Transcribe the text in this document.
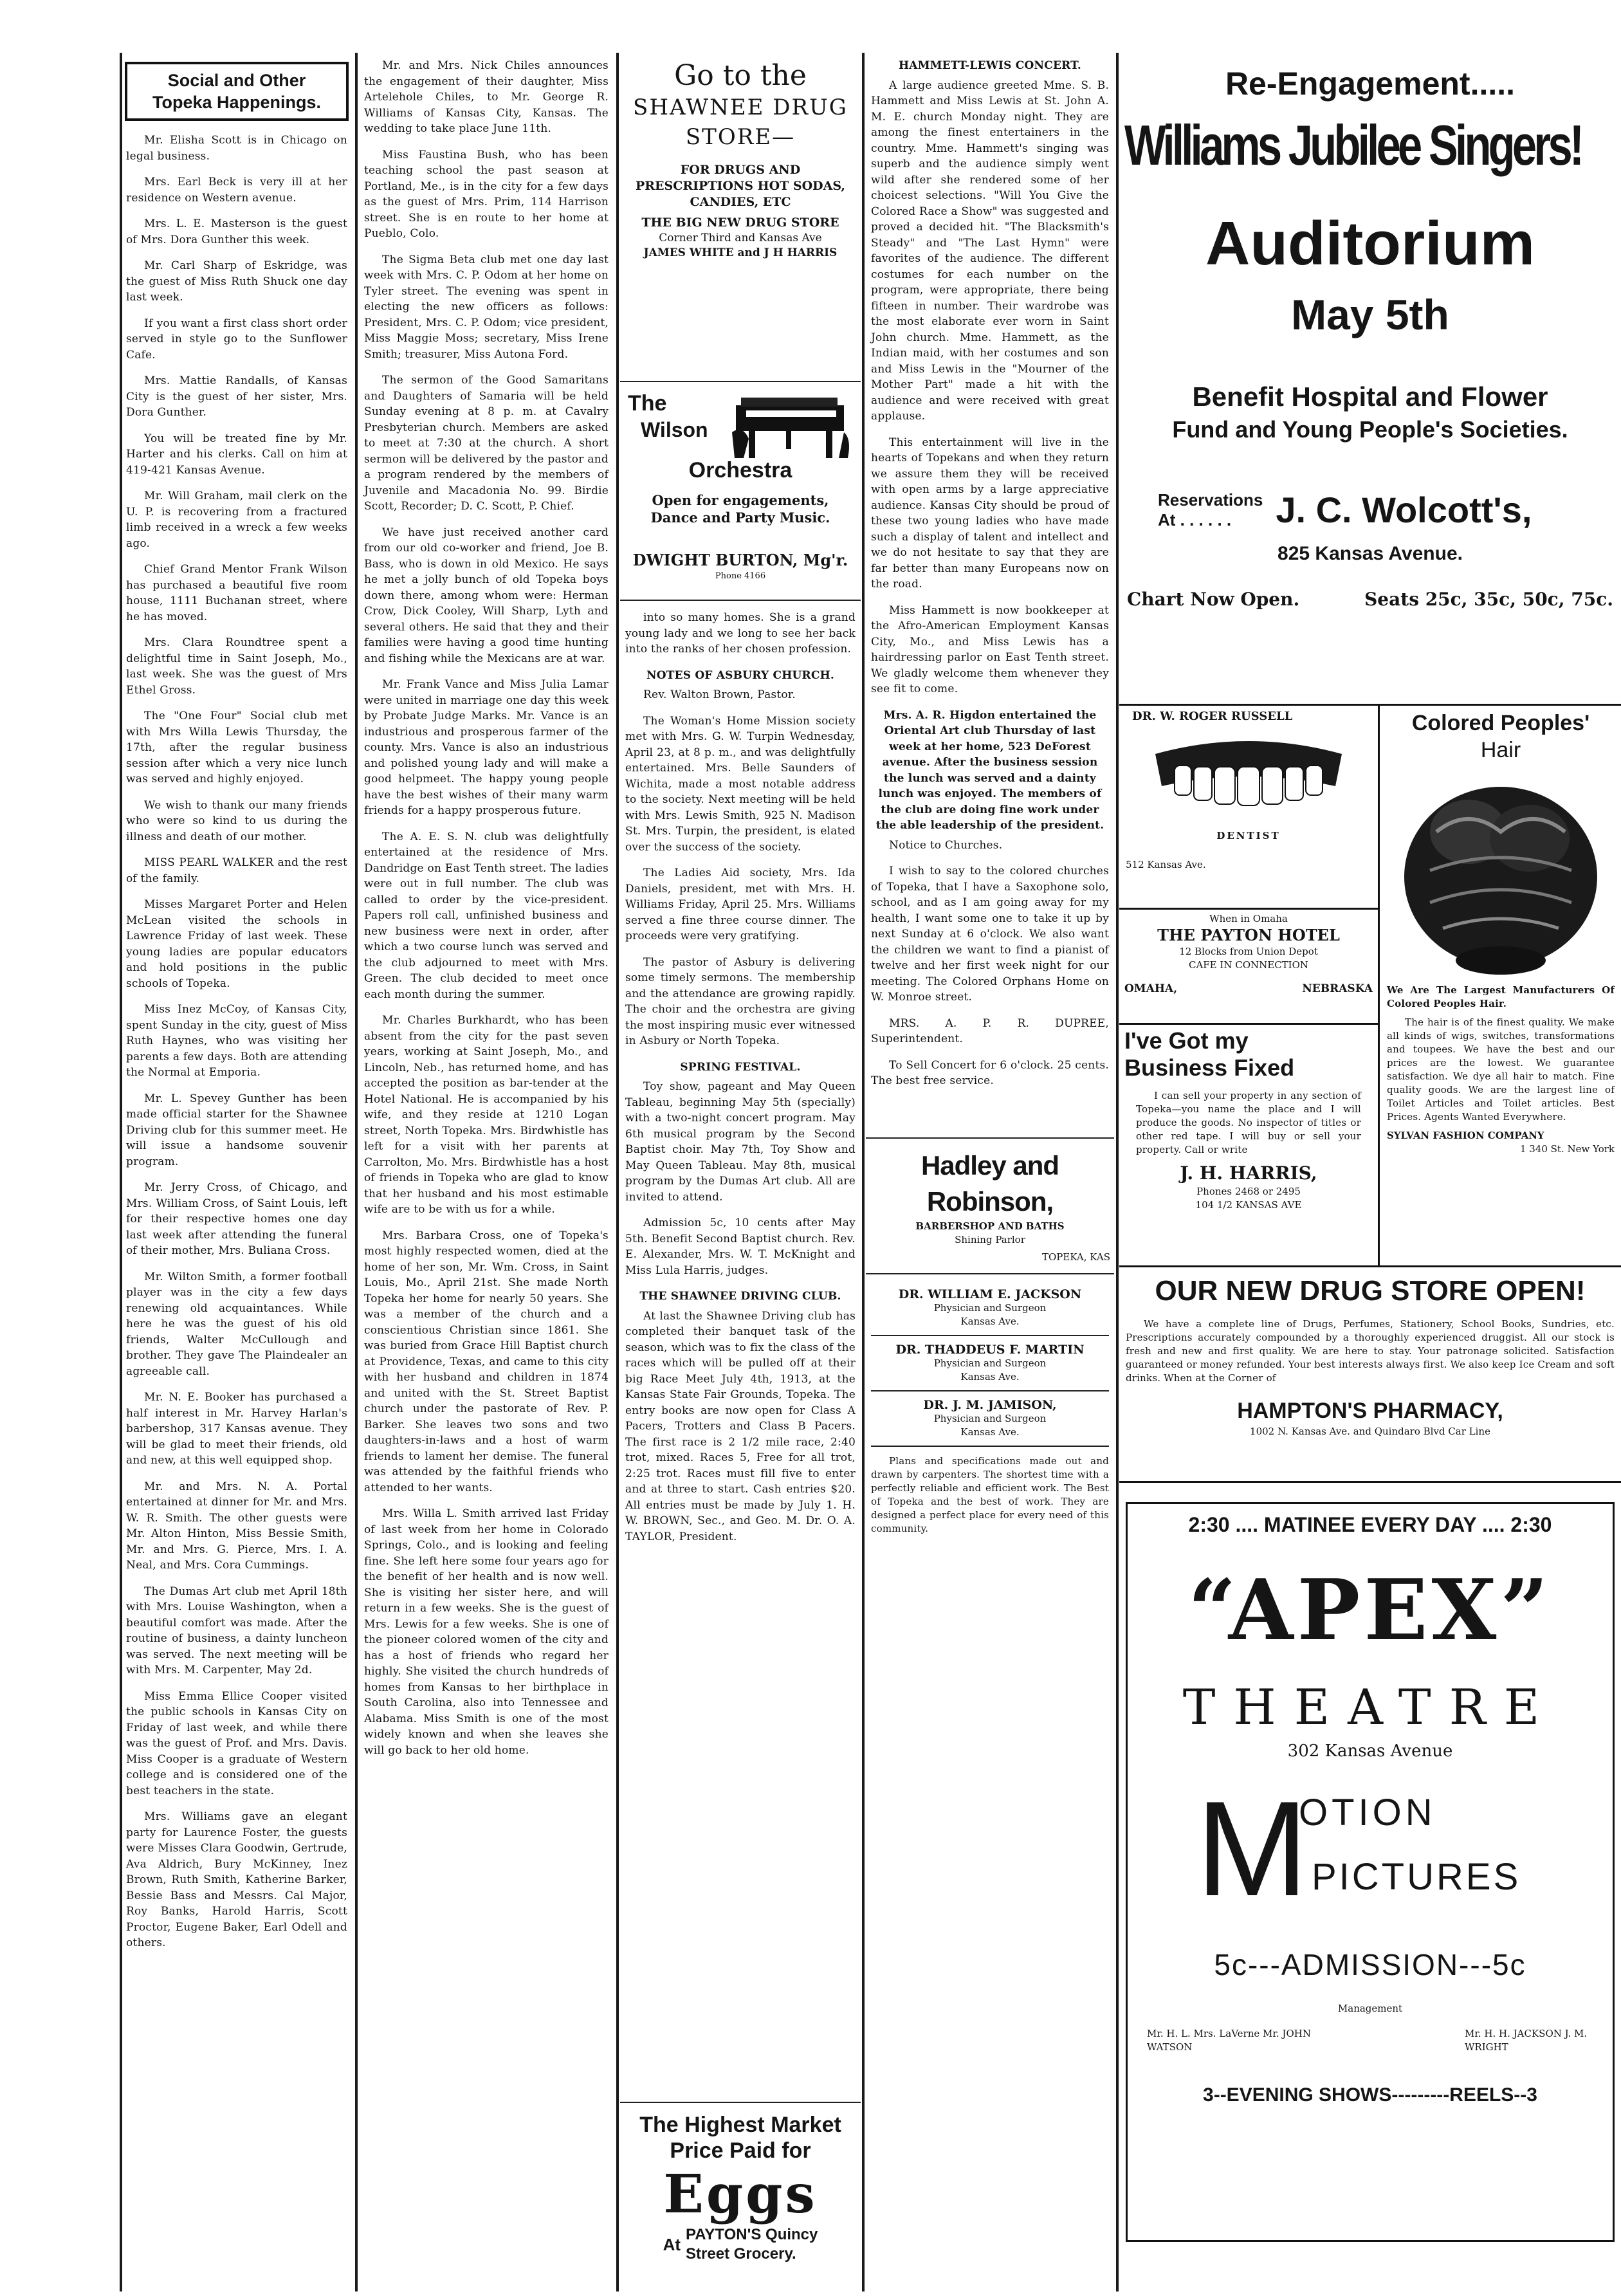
Social and Other
Topeka Happenings.

Mr. Elisha Scott is in Chicago on legal business.

Mrs. Earl Beck is very ill at her residence on Western avenue.

Mrs. L. E. Masterson is the guest of Mrs. Dora Gunther this week.

Mr. Carl Sharp of Eskridge, was the guest of Miss Ruth Shuck one day last week.

If you want a first class short order served in style go to the Sunflower Cafe.

Mrs. Mattie Randalls, of Kansas City is the guest of her sister, Mrs. Dora Gunther.

You will be treated fine by Mr. Harter and his clerks. Call on him at 419-421 Kansas Avenue.

Mr. Will Graham, mail clerk on the U. P. is recovering from a fractured limb received in a wreck a few weeks ago.

Chief Grand Mentor Frank Wilson has purchased a beautiful five room house, 1111 Buchanan street, where he has moved.

Mrs. Clara Roundtree spent a delightful time in Saint Joseph, Mo., last week. She was the guest of Mrs Ethel Gross.

The "One Four" Social club met with Mrs Willa Lewis Thursday, the 17th, after the regular business session after which a very nice lunch was served and highly enjoyed.

We wish to thank our many friends who were so kind to us during the illness and death of our mother.

MISS PEARL WALKER and the rest of the family.

Misses Margaret Porter and Helen McLean visited the schools in Lawrence Friday of last week. These young ladies are popular educators and hold positions in the public schools of Topeka.

Miss Inez McCoy, of Kansas City, spent Sunday in the city, guest of Miss Ruth Haynes, who was visiting her parents a few days. Both are attending the Normal at Emporia.

Mr. L. Spevey Gunther has been made official starter for the Shawnee Driving club for this summer meet. He will issue a handsome souvenir program.

Mr. Jerry Cross, of Chicago, and Mrs. William Cross, of Saint Louis, left for their respective homes one day last week after attending the funeral of their mother, Mrs. Buliana Cross.

Mr. Wilton Smith, a former football player was in the city a few days renewing old acquaintances. While here he was the guest of his old friends, Walter McCullough and brother. They gave The Plaindealer an agreeable call.

Mr. N. E. Booker has purchased a half interest in Mr. Harvey Harlan's barbershop, 317 Kansas avenue. They will be glad to meet their friends, old and new, at this well equipped shop.

Mr. and Mrs. N. A. Portal entertained at dinner for Mr. and Mrs. W. R. Smith. The other guests were Mr. Alton Hinton, Miss Bessie Smith, Mr. and Mrs. G. Pierce, Mrs. I. A. Neal, and Mrs. Cora Cummings.

The Dumas Art club met April 18th with Mrs. Louise Washington, when a beautiful comfort was made. After the routine of business, a dainty luncheon was served. The next meeting will be with Mrs. M. Carpenter, May 2d.

Miss Emma Ellice Cooper visited the public schools in Kansas City on Friday of last week, and while there was the guest of Prof. and Mrs. Davis. Miss Cooper is a graduate of Western college and is considered one of the best teachers in the state.

Mrs. Williams gave an elegant party for Laurence Foster, the guests were Misses Clara Goodwin, Gertrude, Ava Aldrich, Bury McKinney, Inez Brown, Ruth Smith, Katherine Barker, Bessie Bass and Messrs. Cal Major, Roy Banks, Harold Harris, Scott Proctor, Eugene Baker, Earl Odell and others.

Mr. and Mrs. Nick Chiles announces the engagement of their daughter, Miss Artelehole Chiles, to Mr. George R. Williams of Kansas City, Kansas. The wedding to take place June 11th.

Miss Faustina Bush, who has been teaching school the past season at Portland, Me., is in the city for a few days as the guest of Mrs. Prim, 114 Harrison street. She is en route to her home at Pueblo, Colo.

The Sigma Beta club met one day last week with Mrs. C. P. Odom at her home on Tyler street. The evening was spent in electing the new officers as follows: President, Mrs. C. P. Odom; vice president, Miss Maggie Moss; secretary, Miss Irene Smith; treasurer, Miss Autona Ford.

The sermon of the Good Samaritans and Daughters of Samaria will be held Sunday evening at 8 p. m. at Cavalry Presbyterian church. Members are asked to meet at 7:30 at the church. A short sermon will be delivered by the pastor and a program rendered by the members of Juvenile and Macadonia No. 99. Birdie Scott, Recorder; D. C. Scott, P. Chief.

We have just received another card from our old co-worker and friend, Joe B. Bass, who is down in old Mexico. He says he met a jolly bunch of old Topeka boys down there, among whom were: Herman Crow, Dick Cooley, Will Sharp, Lyth and several others. He said that they and their families were having a good time hunting and fishing while the Mexicans are at war.

Mr. Frank Vance and Miss Julia Lamar were united in marriage one day this week by Probate Judge Marks. Mr. Vance is an industrious and prosperous farmer of the county. Mrs. Vance is also an industrious and polished young lady and will make a good helpmeet. The happy young people have the best wishes of their many warm friends for a happy prosperous future.

The A. E. S. N. club was delightfully entertained at the residence of Mrs. Dandridge on East Tenth street. The ladies were out in full number. The club was called to order by the vice-president. Papers roll call, unfinished business and new business were next in order, after which a two course lunch was served and the club adjourned to meet with Mrs. Green. The club decided to meet once each month during the summer.

Mr. Charles Burkhardt, who has been absent from the city for the past seven years, working at Saint Joseph, Mo., and Lincoln, Neb., has returned home, and has accepted the position as bar-tender at the Hotel National. He is accompanied by his wife, and they reside at 1210 Logan street, North Topeka. Mrs. Birdwhistle has left for a visit with her parents at Carrolton, Mo. Mrs. Birdwhistle has a host of friends in Topeka who are glad to know that her husband and his most estimable wife are to be with us for a while.

Mrs. Barbara Cross, one of Topeka's most highly respected women, died at the home of her son, Mr. Wm. Cross, in Saint Louis, Mo., April 21st. She made North Topeka her home for nearly 50 years. She was a member of the church and a conscientious Christian since 1861. She was buried from Grace Hill Baptist church at Providence, Texas, and came to this city with her husband and children in 1874 and united with the St. Street Baptist church under the pastorate of Rev. P. Barker. She leaves two sons and two daughters-in-laws and a host of warm friends to lament her demise. The funeral was attended by the faithful friends who attended to her wants.

Mrs. Willa L. Smith arrived last Friday of last week from her home in Colorado Springs, Colo., and is looking and feeling fine. She left here some four years ago for the benefit of her health and is now well. She is visiting her sister here, and will return in a few weeks. She is the guest of Mrs. Lewis for a few weeks. She is one of the pioneer colored women of the city and has a host of friends who regard her highly. She visited the church hundreds of homes from Kansas to her birthplace in South Carolina, also into Tennessee and Alabama. Miss Smith is one of the most widely known and when she leaves she will go back to her old home.

Go to the
SHAWNEE DRUG
STORE—
FOR DRUGS AND PRESCRIPTIONS HOT SODAS, CANDIES, ETC
THE BIG NEW DRUG STORE
Corner Third and Kansas Ave
JAMES WHITE and J H HARRIS
The
Wilson
Orchestra
Open for engagements, Dance and Party Music.
DWIGHT BURTON, Mg'r.
Phone 4166

into so many homes. She is a grand young lady and we long to see her back into the ranks of her chosen profession.

NOTES OF ASBURY CHURCH.

Rev. Walton Brown, Pastor.

The Woman's Home Mission society met with Mrs. G. W. Turpin Wednesday, April 23, at 8 p. m., and was delightfully entertained. Mrs. Belle Saunders of Wichita, made a most notable address to the society. Next meeting will be held with Mrs. Lewis Smith, 925 N. Madison St. Mrs. Turpin, the president, is elated over the success of the society.

The Ladies Aid society, Mrs. Ida Daniels, president, met with Mrs. H. Williams Friday, April 25. Mrs. Williams served a fine three course dinner. The proceeds were very gratifying.

The pastor of Asbury is delivering some timely sermons. The membership and the attendance are growing rapidly. The choir and the orchestra are giving the most inspiring music ever witnessed in Asbury or North Topeka.

SPRING FESTIVAL.

Toy show, pageant and May Queen Tableau, beginning May 5th (specially) with a two-night concert program. May 6th musical program by the Second Baptist choir. May 7th, Toy Show and May Queen Tableau. May 8th, musical program by the Dumas Art club. All are invited to attend.

Admission 5c, 10 cents after May 5th. Benefit Second Baptist church. Rev. E. Alexander, Mrs. W. T. McKnight and Miss Lula Harris, judges.

THE SHAWNEE DRIVING CLUB.

At last the Shawnee Driving club has completed their banquet task of the season, which was to fix the class of the races which will be pulled off at their big Race Meet July 4th, 1913, at the Kansas State Fair Grounds, Topeka. The entry books are now open for Class A Pacers, Trotters and Class B Pacers. The first race is 2 1/2 mile race, 2:40 trot, mixed. Races 5, Free for all trot, 2:25 trot. Races must fill five to enter and at three to start. Cash entries $20. All entries must be made by July 1. H. W. BROWN, Sec., and Geo. M. Dr. O. A. TAYLOR, President.

The Highest Market
Price Paid for
Eggs
At PAYTON'S Quincy
Street Grocery.

HAMMETT-LEWIS CONCERT.

A large audience greeted Mme. S. B. Hammett and Miss Lewis at St. John A. M. E. church Monday night. They are among the finest entertainers in the country. Mme. Hammett's singing was superb and the audience simply went wild after she rendered some of her choicest selections. "Will You Give the Colored Race a Show" was suggested and proved a decided hit. "The Blacksmith's Steady" and "The Last Hymn" were favorites of the audience. The different costumes for each number on the program, were appropriate, there being fifteen in number. Their wardrobe was the most elaborate ever worn in Saint John church. Mme. Hammett, as the Indian maid, with her costumes and son and Miss Lewis in the "Mourner of the Mother Part" made a hit with the audience and were received with great applause.

This entertainment will live in the hearts of Topekans and when they return we assure them they will be received with open arms by a large appreciative audience. Kansas City should be proud of these two young ladies who have made such a display of talent and intellect and we do not hesitate to say that they are far better than many Europeans now on the road.

Miss Hammett is now bookkeeper at the Afro-American Employment Kansas City, Mo., and Miss Lewis has a hairdressing parlor on East Tenth street. We gladly welcome them whenever they see fit to come.

Mrs. A. R. Higdon entertained the Oriental Art club Thursday of last week at her home, 523 DeForest avenue. After the business session the lunch was served and a dainty lunch was enjoyed. The members of the club are doing fine work under the able leadership of the president.

Notice to Churches.

I wish to say to the colored churches of Topeka, that I have a Saxophone solo, school, and as I am going away for my health, I want some one to take it up by next Sunday at 6 o'clock. We also want the children we want to find a pianist of twelve and her first week night for our meeting. The Colored Orphans Home on W. Monroe street.

MRS. A. P. R. DUPREE, Superintendent.

To Sell Concert for 6 o'clock. 25 cents. The best free service.

Hadley and Robinson,
BARBERSHOP AND BATHS
Shining Parlor
TOPEKA, KAS
DR. WILLIAM E. JACKSON
Physician and Surgeon
Kansas Ave.
DR. THADDEUS F. MARTIN
Physician and Surgeon
Kansas Ave.
DR. J. M. JAMISON,
Physician and Surgeon
Kansas Ave.
Plans and specifications made out and drawn by carpenters. The shortest time with a perfectly reliable and efficient work. The Best of Topeka and the best of work. They are designed a perfect place for every need of this community.
Re-Engagement.....
Williams Jubilee Singers!
Auditorium
May 5th
Benefit Hospital and Flower
Fund and Young People's Societies.
Reservations
At . . . . . .	J. C. Wolcott's,
825 Kansas Avenue.
Chart Now Open.	Seats 25c, 35c, 50c, 75c.
DR. W. ROGER RUSSELL
DENTIST
512 Kansas Ave.
When in Omaha
THE PAYTON HOTEL
12 Blocks from Union Depot
CAFE IN CONNECTION
OMAHA,	NEBRASKA
I've Got my
Business Fixed
I can sell your property in any section of Topeka—you name the place and I will produce the goods. No inspector of titles or other red tape. I will buy or sell your property. Call or write
J. H. HARRIS,
Phones 2468 or 2495
104 1/2 KANSAS AVE
Colored Peoples'
Hair
We Are The Largest Manufacturers Of Colored Peoples Hair.
The hair is of the finest quality. We make all kinds of wigs, switches, transformations and toupees. We have the best and our prices are the lowest. We guarantee satisfaction. We dye all hair to match. Fine quality goods. We are the largest line of Toilet Articles and Toilet articles. Best Prices. Agents Wanted Everywhere.
SYLVAN FASHION COMPANY
1 340 St. New York
OUR NEW DRUG STORE OPEN!
We have a complete line of Drugs, Perfumes, Stationery, School Books, Sundries, etc. Prescriptions accurately compounded by a thoroughly experienced druggist. All our stock is fresh and new and first quality. We are here to stay. Your patronage solicited. Satisfaction guaranteed or money refunded. Your best interests always first. We also keep Ice Cream and soft drinks. When at the Corner of
HAMPTON'S PHARMACY,
1002 N. Kansas Ave. and Quindaro Blvd Car Line
2:30 .... MATINEE EVERY DAY .... 2:30
“APEX”
THEATRE
302 Kansas Avenue
M
OTION
PICTURES
5c---ADMISSION---5c
Management
Mr. H. L. Mrs. LaVerne Mr. JOHN WATSON
Mr. H. H. JACKSON J. M. WRIGHT
3--EVENING SHOWS---------REELS--3
